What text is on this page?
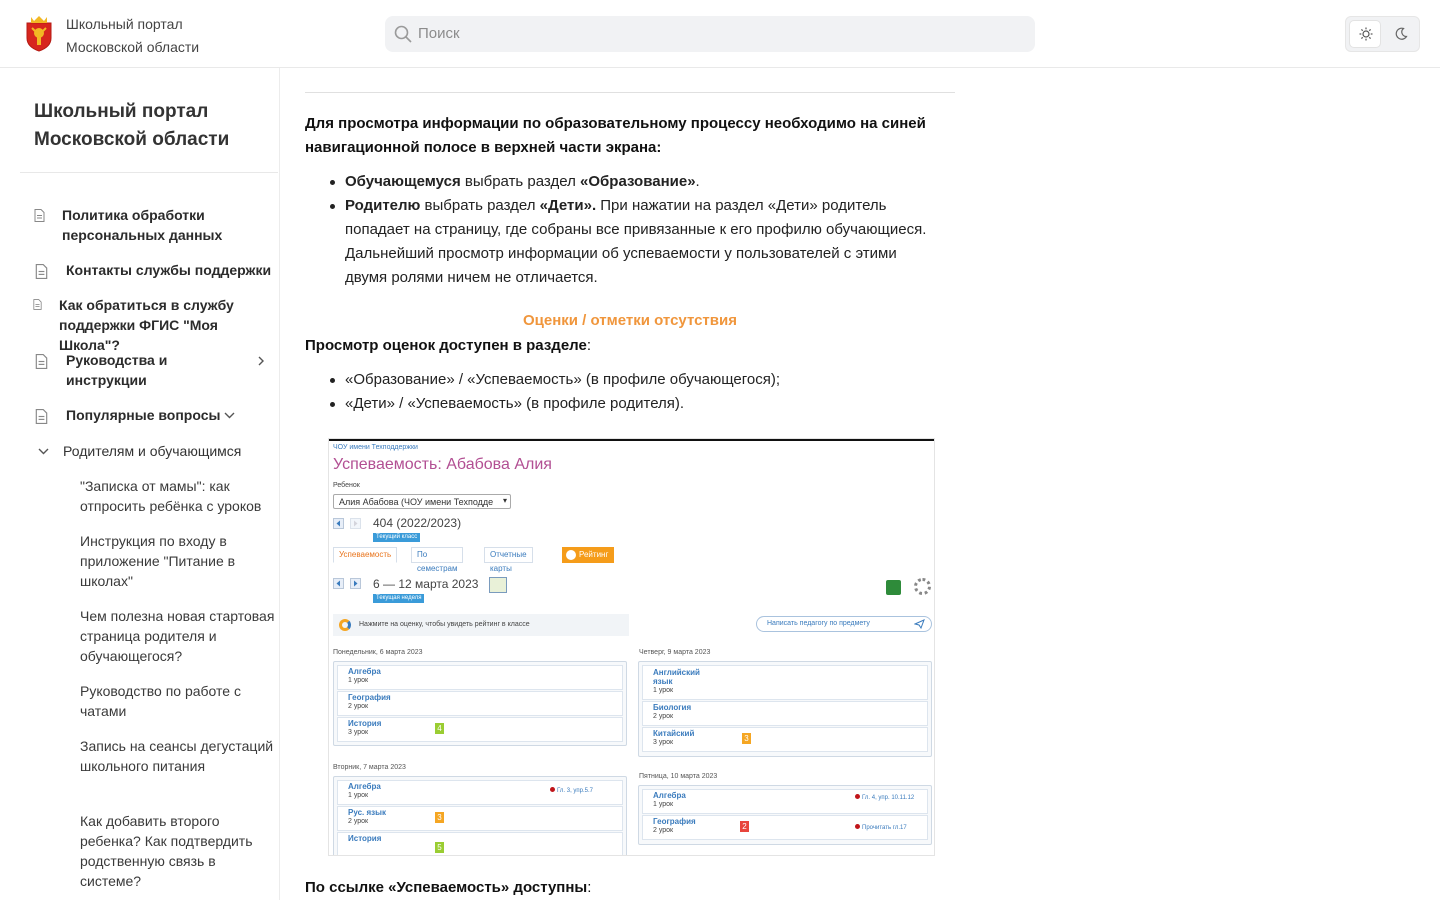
Школьный портал
Московской области
Поиск
Школьный портал
Московской области
Политика обработки персональных данных
Контакты службы поддержки
Как обратиться в службу поддержки ФГИС "Моя Школа"?
Руководства и инструкции
Популярные вопросы
Родителям и обучающимся
"Записка от мамы": как отпросить ребёнка с уроков
Инструкция по входу в приложение "Питание в школах"
Чем полезна новая стартовая страница родителя и обучающегося?
Руководство по работе с чатами
Запись на сеансы дегустаций школьного питания
Как добавить второго ребенка? Как подтвердить родственную связь в системе?
Для просмотра информации по образовательному процессу необходимо на синей навигационной полосе в верхней части экрана:
Обучающемуся выбрать раздел «Образование».
Родителю выбрать раздел «Дети». При нажатии на раздел «Дети» родитель попадает на страницу, где собраны все привязанные к его профилю обучающиеся. Дальнейший просмотр информации об успеваемости у пользователей с этими двумя ролями ничем не отличается.
Оценки / отметки отсутствия
Просмотр оценок доступен в разделе:
«Образование» / «Успеваемость» (в профиле обучающегося);
«Дети» / «Успеваемость» (в профиле родителя).
ЧОУ имени Техподдержки
Успеваемость: Абабова Алия
Ребенок
Алия Абабова (ЧОУ имени Техподде ▾
404 (2022/2023)
Текущий класс
Успеваемость	По семестрам
Отчетные карты
Рейтинг в классе
6 — 12 марта 2023
Текущая неделя
Нажмите на оценку, чтобы увидеть рейтинг в классе	Написать педагогу по предмету
Понедельник, 6 марта 2023
Алгебра
1 урок
География
2 урок
История
3 урок	4
Четверг, 9 марта 2023
Английский язык
1 урок
Биология
2 урок
Китайский
3 урок	3
Вторник, 7 марта 2023
Алгебра
1 урок
Гл. 3, упр.5.7
Рус. язык
2 урок	3
История
5
Пятница, 10 марта 2023
Алгебра
1 урок
Гл. 4, упр. 10.11.12
География
2 урок	2	Прочитать гл.17
По ссылке «Успеваемость» доступны:
